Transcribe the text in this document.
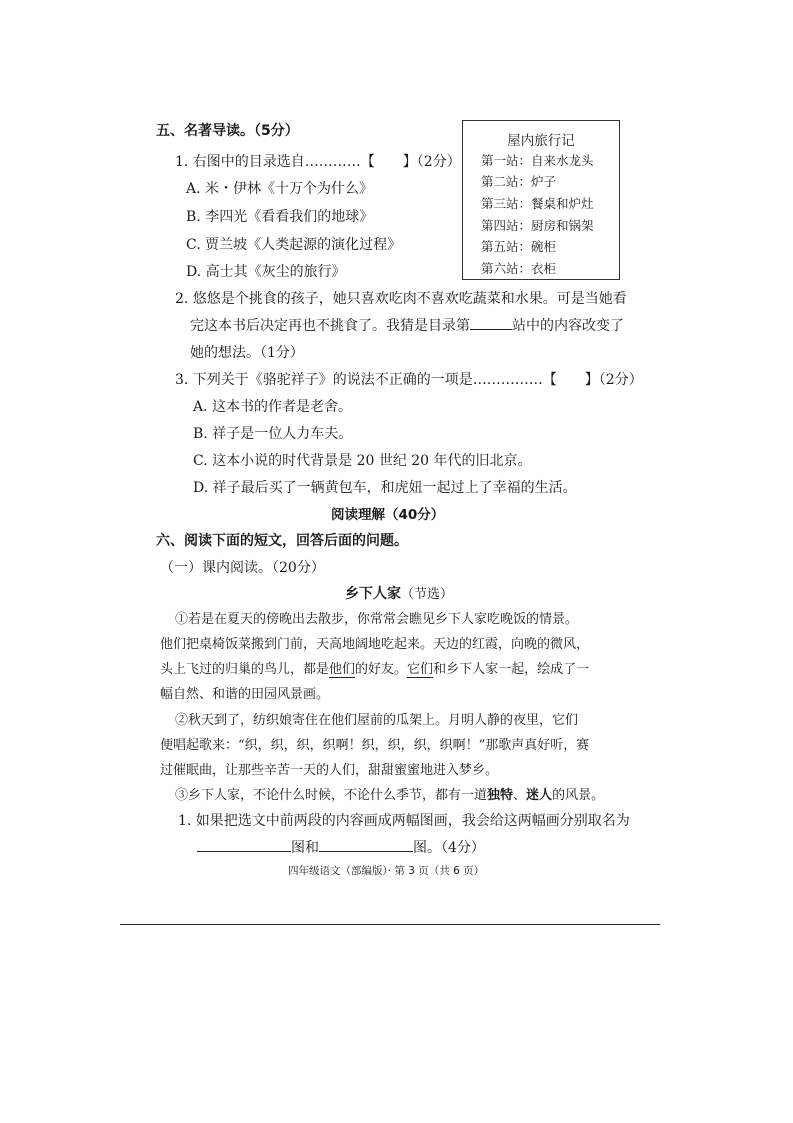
五、名著导读。（5分）
1. 右图中的目录选自…………【　　】（2分）
A. 米・伊林《十万个为什么》
B. 李四光《看看我们的地球》
C. 贾兰坡《人类起源的演化过程》
D. 高士其《灰尘的旅行》
屋内旅行记
第一站：自来水龙头
第二站：炉子
第三站：餐桌和炉灶
第四站：厨房和锅架
第五站：碗柜
第六站：衣柜
2. 悠悠是个挑食的孩子，她只喜欢吃肉不喜欢吃蔬菜和水果。可是当她看
完这本书后决定再也不挑食了。我猜是目录第	站中的内容改变了
她的想法。（1分）
3. 下列关于《骆驼祥子》的说法不正确的一项是……………【　　】（2分）
A. 这本书的作者是老舍。
B. 祥子是一位人力车夫。
C. 这本小说的时代背景是 20 世纪 20 年代的旧北京。
D. 祥子最后买了一辆黄包车，和虎妞一起过上了幸福的生活。
阅读理解（40分）
六、阅读下面的短文，回答后面的问题。
（一）课内阅读。（20分）
乡下人家（节选）
①若是在夏天的傍晚出去散步，你常常会瞧见乡下人家吃晚饭的情景。
他们把桌椅饭菜搬到门前，天高地阔地吃起来。天边的红霞，向晚的微风，
头上飞过的归巢的鸟儿，都是他们的好友。它们和乡下人家一起，绘成了一
幅自然、和谐的田园风景画。
②秋天到了，纺织娘寄住在他们屋前的瓜架上。月明人静的夜里，它们
便唱起歌来：“织，织，织，织啊！织，织，织，织啊！”那歌声真好听，赛
过催眠曲，让那些辛苦一天的人们，甜甜蜜蜜地进入梦乡。
③乡下人家，不论什么时候，不论什么季节，都有一道独特、迷人的风景。
1. 如果把选文中前两段的内容画成两幅图画，我会给这两幅画分别取名为
图和	图。（4分）
四年级语文（部编版）· 第 3 页（共 6 页）
